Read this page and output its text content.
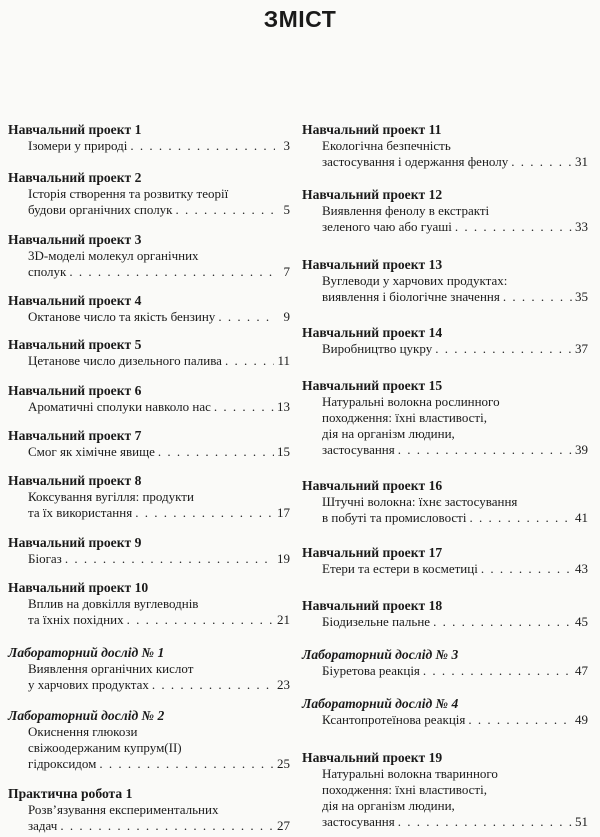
ЗМІСТ
Навчальний проект 1
Ізомери у природі . . .	3
Навчальний проект 2
Історія створення та розвитку теорії
будови органічних сполук . . .	5
Навчальний проект 3
3D-моделі молекул органічних
сполук . . .	7
Навчальний проект 4
Октанове число та якість бензину . . .	9
Навчальний проект 5
Цетанове число дизельного палива . . .	11
Навчальний проект 6
Ароматичні сполуки навколо нас . . .	13
Навчальний проект 7
Смог як хімічне явище . . .	15
Навчальний проект 8
Коксування вугілля: продукти
та їх використання . . .	17
Навчальний проект 9
Біогаз . . .	19
Навчальний проект 10
Вплив на довкілля вуглеводнів
та їхніх похідних . . .	21
Лабораторний дослід № 1
Виявлення органічних кислот
у харчових продуктах . . .	23
Лабораторний дослід № 2
Окиснення глюкози
свіжоодержаним купрум(ІІ)
гідроксидом . . .	25
Практична робота 1
Розв’язування експериментальних
задач . . .	27
Навчальний проект 11
Екологічна безпечність
застосування і одержання фенолу . . .	31
Навчальний проект 12
Виявлення фенолу в екстракті
зеленого чаю або гуаші . . .	33
Навчальний проект 13
Вуглеводи у харчових продуктах:
виявлення і біологічне значення . . .	35
Навчальний проект 14
Виробництво цукру . . .	37
Навчальний проект 15
Натуральні волокна рослинного
походження: їхні властивості,
дія на організм людини,
застосування . . .	39
Навчальний проект 16
Штучні волокна: їхнє застосування
в побуті та промисловості . . .	41
Навчальний проект 17
Етери та естери в косметиці . . .	43
Навчальний проект 18
Біодизельне пальне . . .	45
Лабораторний дослід № 3
Біуретова реакція . . .	47
Лабораторний дослід № 4
Ксантопротеїнова реакція . . .	49
Навчальний проект 19
Натуральні волокна тваринного
походження: їхні властивості,
дія на організм людини,
застосування . . .	51
